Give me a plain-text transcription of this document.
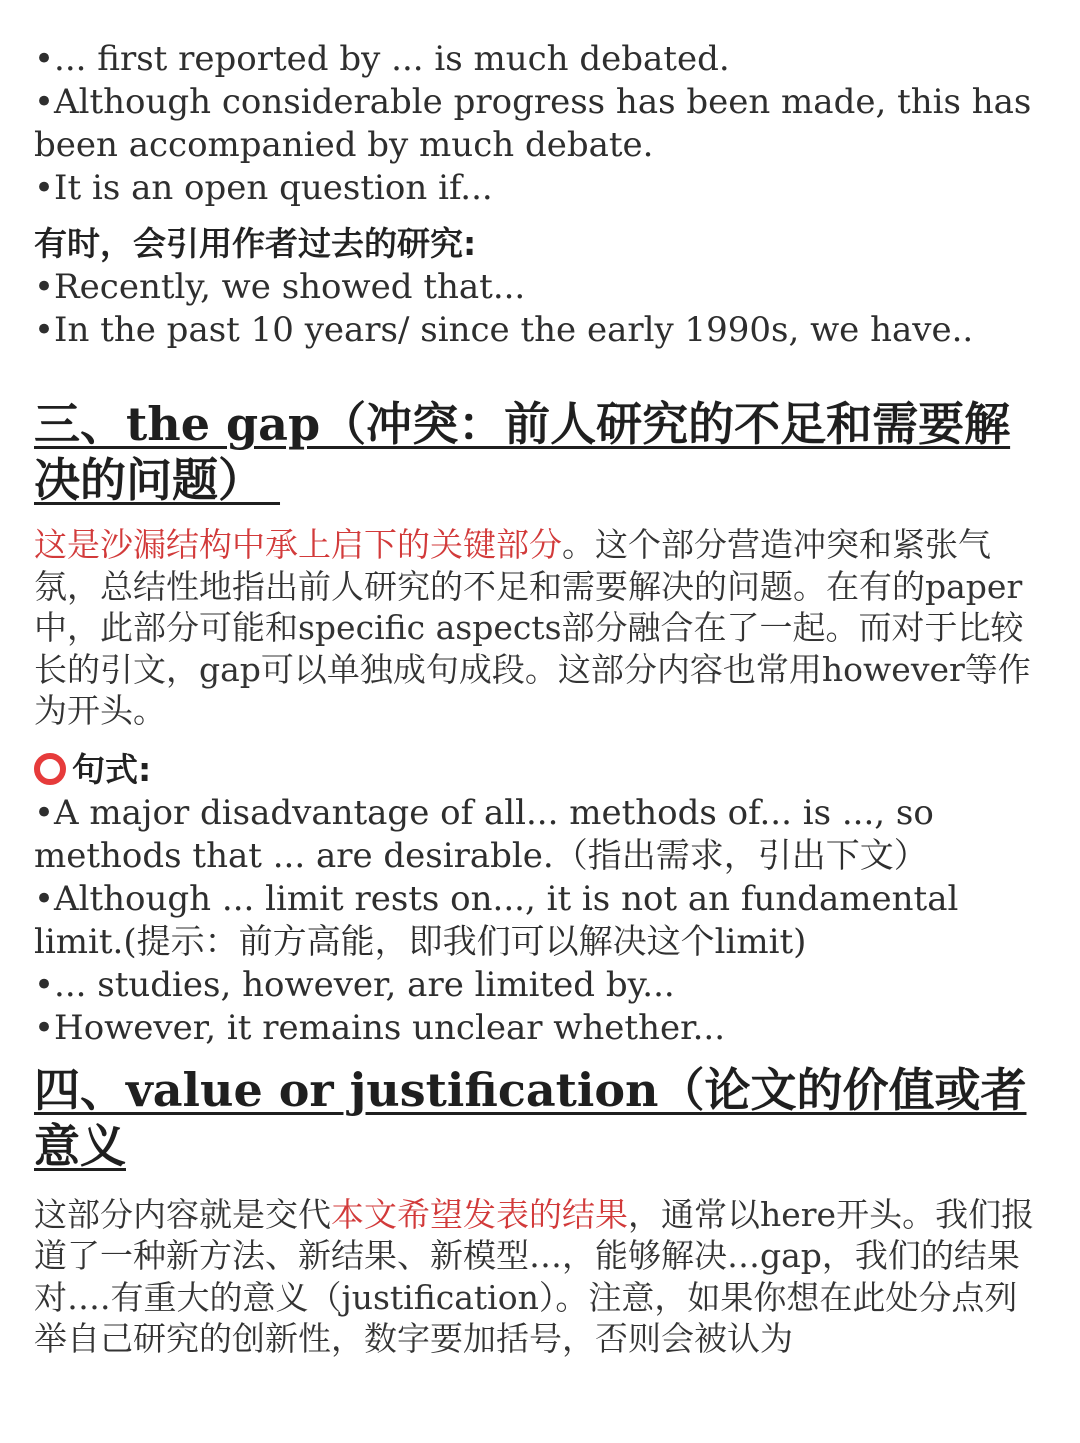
•... first reported by ... is much debated.

•Although considerable progress has been made, this has

been accompanied by much debate.

•It is an open question if...

有时，会引用作者过去的研究:

•Recently, we showed that...

•In the past 10 years/ since the early 1990s, we have..

三、the gap（冲突：前人研究的不足和需要解
决的问题）

这是沙漏结构中承上启下的关键部分。这个部分营造冲突和紧张气氛，总结性地指出前人研究的不足和需要解决的问题。在有的paper中，此部分可能和specific aspects部分融合在了一起。而对于比较长的引文，gap可以单独成句成段。这部分内容也常用however等作为开头。

句式:

•A major disadvantage of all... methods of... is ..., so

methods that ... are desirable.（指出需求，引出下文）

•Although ... limit rests on..., it is not an fundamental

limit.(提示：前方高能，即我们可以解决这个limit)

•... studies, however, are limited by...

•However, it remains unclear whether...

四、value or justification（论文的价值或者
意义

这部分内容就是交代本文希望发表的结果，通常以here开头。我们报道了一种新方法、新结果、新模型…，能够解决…gap，我们的结果对….有重大的意义（justification）。注意，如果你想在此处分点列举自己研究的创新性，数字要加括号，否则会被认为
